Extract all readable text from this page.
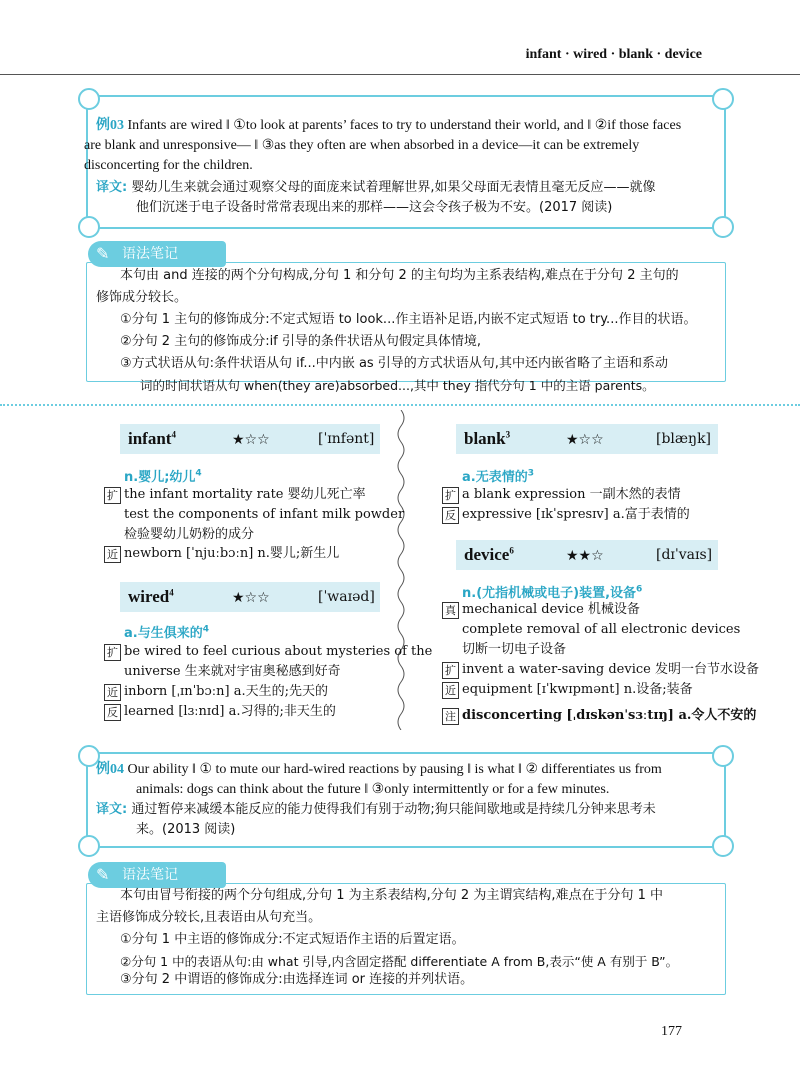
infant · wired · blank · device
例03 Infants are wired ‖ ①to look at parents’ faces to try to understand their world, and ‖ ②if those faces
are blank and unresponsive— ‖ ③as they often are when absorbed in a device—it can be extremely
disconcerting for the children.
译文: 婴幼儿生来就会通过观察父母的面庞来试着理解世界,如果父母面无表情且毫无反应——就像
他们沉迷于电子设备时常常表现出来的那样——这会令孩子极为不安。(2017 阅读)
语法笔记
✎
本句由 and 连接的两个分句构成,分句 1 和分句 2 的主句均为主系表结构,难点在于分句 2 主句的
修饰成分较长。
①分句 1 主句的修饰成分:不定式短语 to look...作主语补足语,内嵌不定式短语 to try...作目的状语。
②分句 2 主句的修饰成分:if 引导的条件状语从句假定具体情境,
③方式状语从句:条件状语从句 if...中内嵌 as 引导的方式状语从句,其中还内嵌省略了主语和系动
词的时间状语从句 when(they are)absorbed...,其中 they 指代分句 1 中的主语 parents。
infant$^4$	★☆☆	[ˈɪnfənt]
n.婴儿;幼儿$^4$
扩 the infant mortality rate 婴幼儿死亡率
test the components of infant milk powder
检验婴幼儿奶粉的成分
近 newborn [ˈnjuːbɔːn] n.婴儿;新生儿
wired$^4$	★☆☆	[ˈwaɪəd]
a.与生俱来的$^4$
扩 be wired to feel curious about mysteries of the
universe 生来就对宇宙奥秘感到好奇
近 inborn [ˌɪnˈbɔːn] a.天生的;先天的
反 learned [lɜːnɪd] a.习得的;非天生的
blank$^3$	★☆☆	[blæŋk]
a.无表情的$^3$
扩 a blank expression 一副木然的表情
反 expressive [ɪkˈspresɪv] a.富于表情的
device$^6$	★★☆	[dɪˈvaɪs]
n.(尤指机械或电子)装置,设备$^6$
真 mechanical device 机械设备
complete removal of all electronic devices
切断一切电子设备
扩 invent a water-saving device 发明一台节水设备
近 equipment [ɪˈkwɪpmənt] n.设备;装备
注 disconcerting [ˌdɪskənˈsɜːtɪŋ] a.令人不安的
例04 Our ability ‖ ① to mute our hard-wired reactions by pausing ‖ is what ‖ ② differentiates us from
animals: dogs can think about the future ‖ ③only intermittently or for a few minutes.
译文: 通过暂停来减缓本能反应的能力使得我们有别于动物;狗只能间歇地或是持续几分钟来思考未
来。(2013 阅读)
语法笔记
✎
本句由冒号衔接的两个分句组成,分句 1 为主系表结构,分句 2 为主谓宾结构,难点在于分句 1 中
主语修饰成分较长,且表语由从句充当。
①分句 1 中主语的修饰成分:不定式短语作主语的后置定语。
②分句 1 中的表语从句:由 what 引导,内含固定搭配 differentiate A from B,表示“使 A 有别于 B”。
③分句 2 中谓语的修饰成分:由选择连词 or 连接的并列状语。
177
